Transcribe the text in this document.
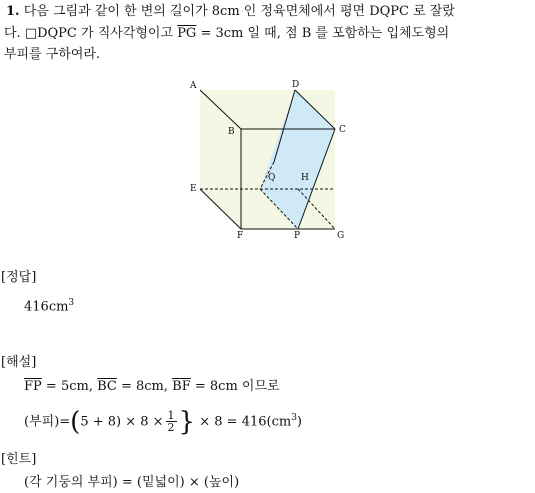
1. 다음 그림과 같이 한 변의 길이가 8cm 인 정육면체에서 평면 DQPC 로 잘랐
다. □DQPC 가 직사각형이고 $\overline{PG} = 3cm$ 일 때, 점 B 를 포함하는 입체도형의
부피를 구하여라.
A	D
B	C
E
Q	H
F	P	G
[정답]
$416cm^3$
[해설]
$\overline{FP} = 5cm$, $\overline{BC} = 8cm$, $\overline{BF} = 8cm$ 이므로
(부피)$=(5 + 8) \times 8 \times \frac{1}{2}$ } × $8 = 416(cm^3)$
[힌트]
(각 기둥의 부피) = (밑넓이) × (높이)
